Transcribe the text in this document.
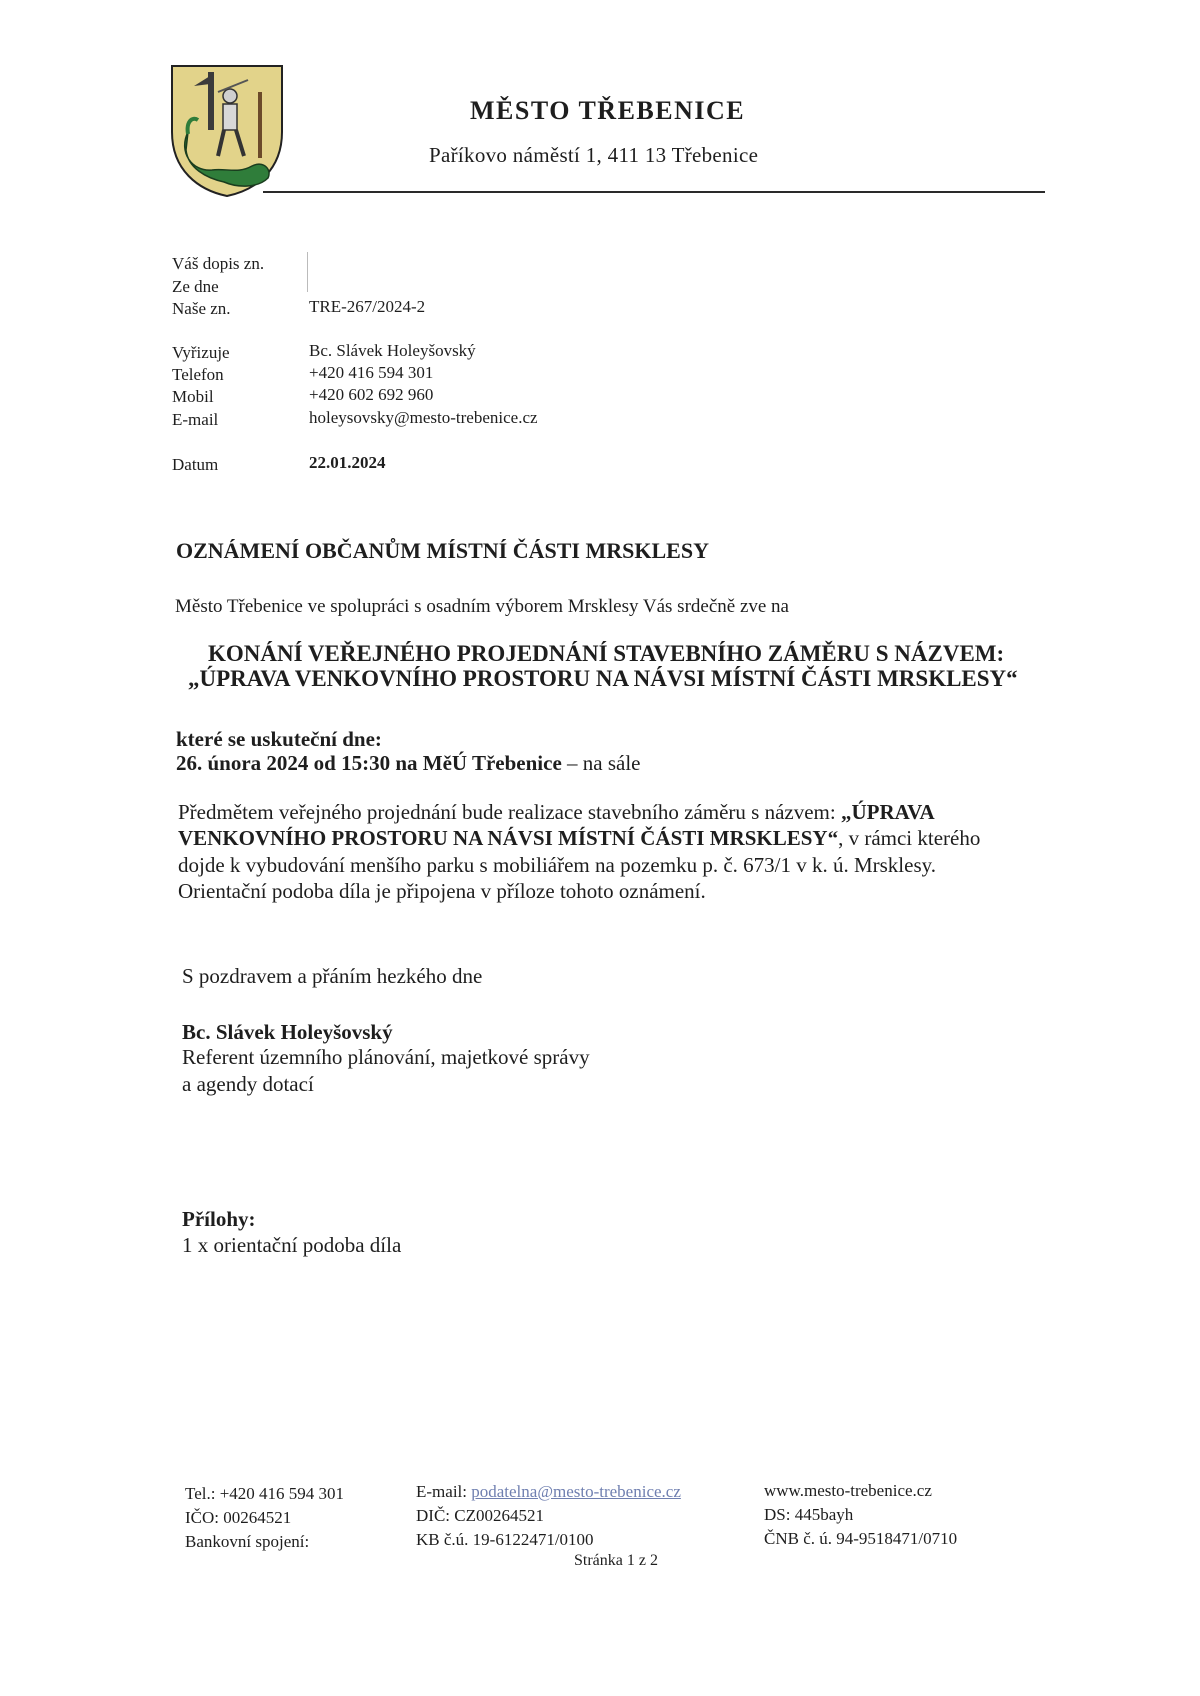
MĚSTO TŘEBENICE
Paříkovo náměstí 1, 411 13 Třebenice
Váš dopis zn.
Ze dne
Naše zn.	TRE-267/2024-2
Vyřizuje
Telefon
Mobil
E-mail
Bc. Slávek Holeyšovský
+420 416 594 301
+420 602 692 960
holeysovsky@mesto-trebenice.cz
Datum	22.01.2024
OZNÁMENÍ OBČANŮM MÍSTNÍ ČÁSTI MRSKLESY
Město Třebenice ve spolupráci s osadním výborem Mrsklesy Vás srdečně zve na
KONÁNÍ VEŘEJNÉHO PROJEDNÁNÍ STAVEBNÍHO ZÁMĚRU S NÁZVEM:
„ÚPRAVA VENKOVNÍHO PROSTORU NA NÁVSI MÍSTNÍ ČÁSTI MRSKLESY“
které se uskuteční dne:
26. února 2024 od 15:30 na MěÚ Třebenice – na sále
Předmětem veřejného projednání bude realizace stavebního záměru s názvem: „ÚPRAVA
VENKOVNÍHO PROSTORU NA NÁVSI MÍSTNÍ ČÁSTI MRSKLESY“, v rámci kterého
dojde k vybudování menšího parku s mobiliářem na pozemku p. č. 673/1 v k. ú. Mrsklesy.
Orientační podoba díla je připojena v příloze tohoto oznámení.
S pozdravem a přáním hezkého dne
Bc. Slávek Holeyšovský
Referent územního plánování, majetkové správy
a agendy dotací
Přílohy:
1 x orientační podoba díla
Tel.: +420 416 594 301
IČO: 00264521
Bankovní spojení:
E-mail: podatelna@mesto-trebenice.cz
DIČ: CZ00264521
KB č.ú. 19-6122471/0100
www.mesto-trebenice.cz
DS: 445bayh
ČNB č. ú. 94-9518471/0710
Stránka 1 z 2
